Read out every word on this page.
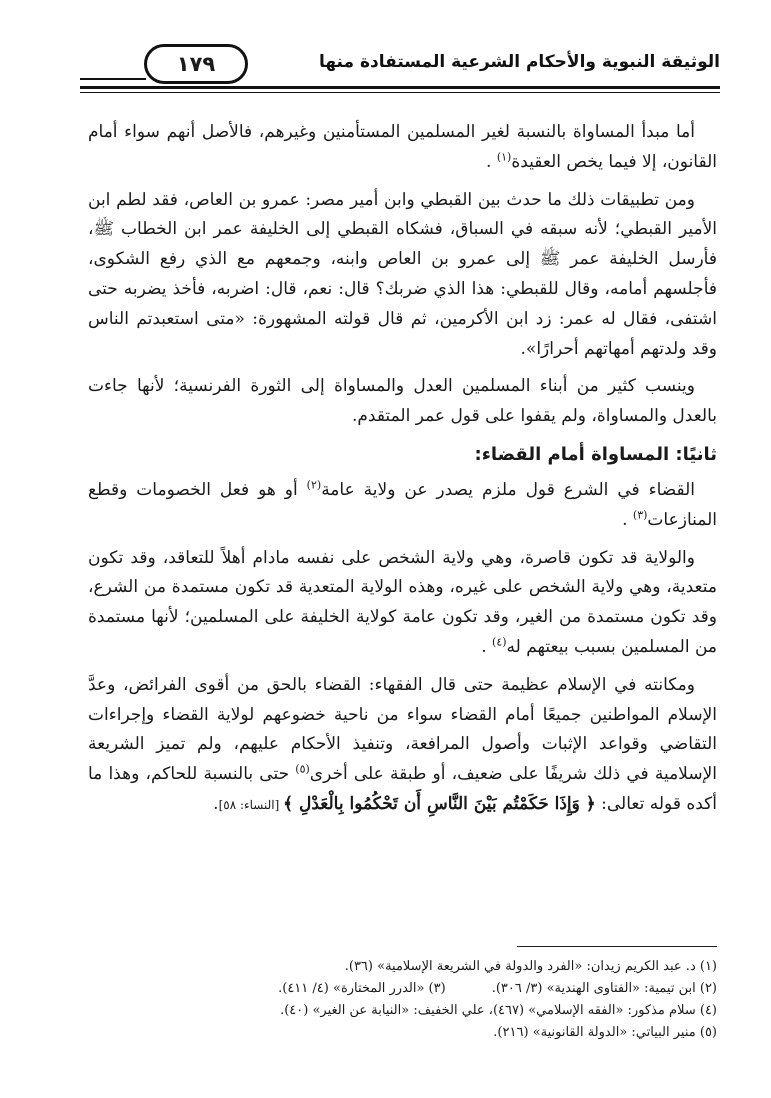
الوثيقة النبوية والأحكام الشرعية المستفادة منها
١٧٩

أما مبدأ المساواة بالنسبة لغير المسلمين المستأمنين وغيرهم، فالأصل أنهم سواء أمام القانون، إلا فيما يخص العقيدة$^{(١)}$ .

ومن تطبيقات ذلك ما حدث بين القبطي وابن أمير مصر: عمرو بن العاص، فقد لطم ابن الأمير القبطي؛ لأنه سبقه في السباق، فشكاه القبطي إلى الخليفة عمر ابن الخطاب ﷺ، فأرسل الخليفة عمر ﷺ إلى عمرو بن العاص وابنه، وجمعهم مع الذي رفع الشكوى، فأجلسهم أمامه، وقال للقبطي: هذا الذي ضربك؟ قال: نعم، قال: اضربه، فأخذ يضربه حتى اشتفى، فقال له عمر: زد ابن الأكرمين، ثم قال قولته المشهورة: «متى استعبدتم الناس وقد ولدتهم أمهاتهم أحرارًا».

وينسب كثير من أبناء المسلمين العدل والمساواة إلى الثورة الفرنسية؛ لأنها جاءت بالعدل والمساواة، ولم يقفوا على قول عمر المتقدم.

ثانيًا: المساواة أمام القضاء:

القضاء في الشرع قول ملزم يصدر عن ولاية عامة$^{(٢)}$ أو هو فعل الخصومات وقطع المنازعات$^{(٣)}$ .

والولاية قد تكون قاصرة، وهي ولاية الشخص على نفسه مادام أهلاً للتعاقد، وقد تكون متعدية، وهي ولاية الشخص على غيره، وهذه الولاية المتعدية قد تكون مستمدة من الشرع، وقد تكون مستمدة من الغير، وقد تكون عامة كولاية الخليفة على المسلمين؛ لأنها مستمدة من المسلمين بسبب بيعتهم له$^{(٤)}$ .

ومكانته في الإسلام عظيمة حتى قال الفقهاء: القضاء بالحق من أقوى الفرائض، وعدَّ الإسلام المواطنين جميعًا أمام القضاء سواء من ناحية خضوعهم لولاية القضاء وإجراءات التقاضي وقواعد الإثبات وأصول المرافعة، وتنفيذ الأحكام عليهم، ولم تميز الشريعة الإسلامية في ذلك شريفًا على ضعيف، أو طبقة على أخرى$^{(٥)}$ حتى بالنسبة للحاكم، وهذا ما أكده قوله تعالى: ﴿ وَإِذَا حَكَمْتُم بَيْنَ النَّاسِ أَن تَحْكُمُوا بِالْعَدْلِ ﴾ [النساء: ٥٨].

(١) د. عبد الكريم زيدان: «الفرد والدولة في الشريعة الإسلامية» (٣٦).
(٢) ابن تيمية: «الفتاوى الهندية» (٣/ ٣٠٦).(٣) «الدرر المختارة» (٤/ ٤١١).
(٤) سلام مذكور: «الفقه الإسلامي» (٤٦٧)، علي الخفيف: «النيابة عن الغير» (٤٠).
(٥) منير البياتي: «الدولة القانونية» (٢١٦).
